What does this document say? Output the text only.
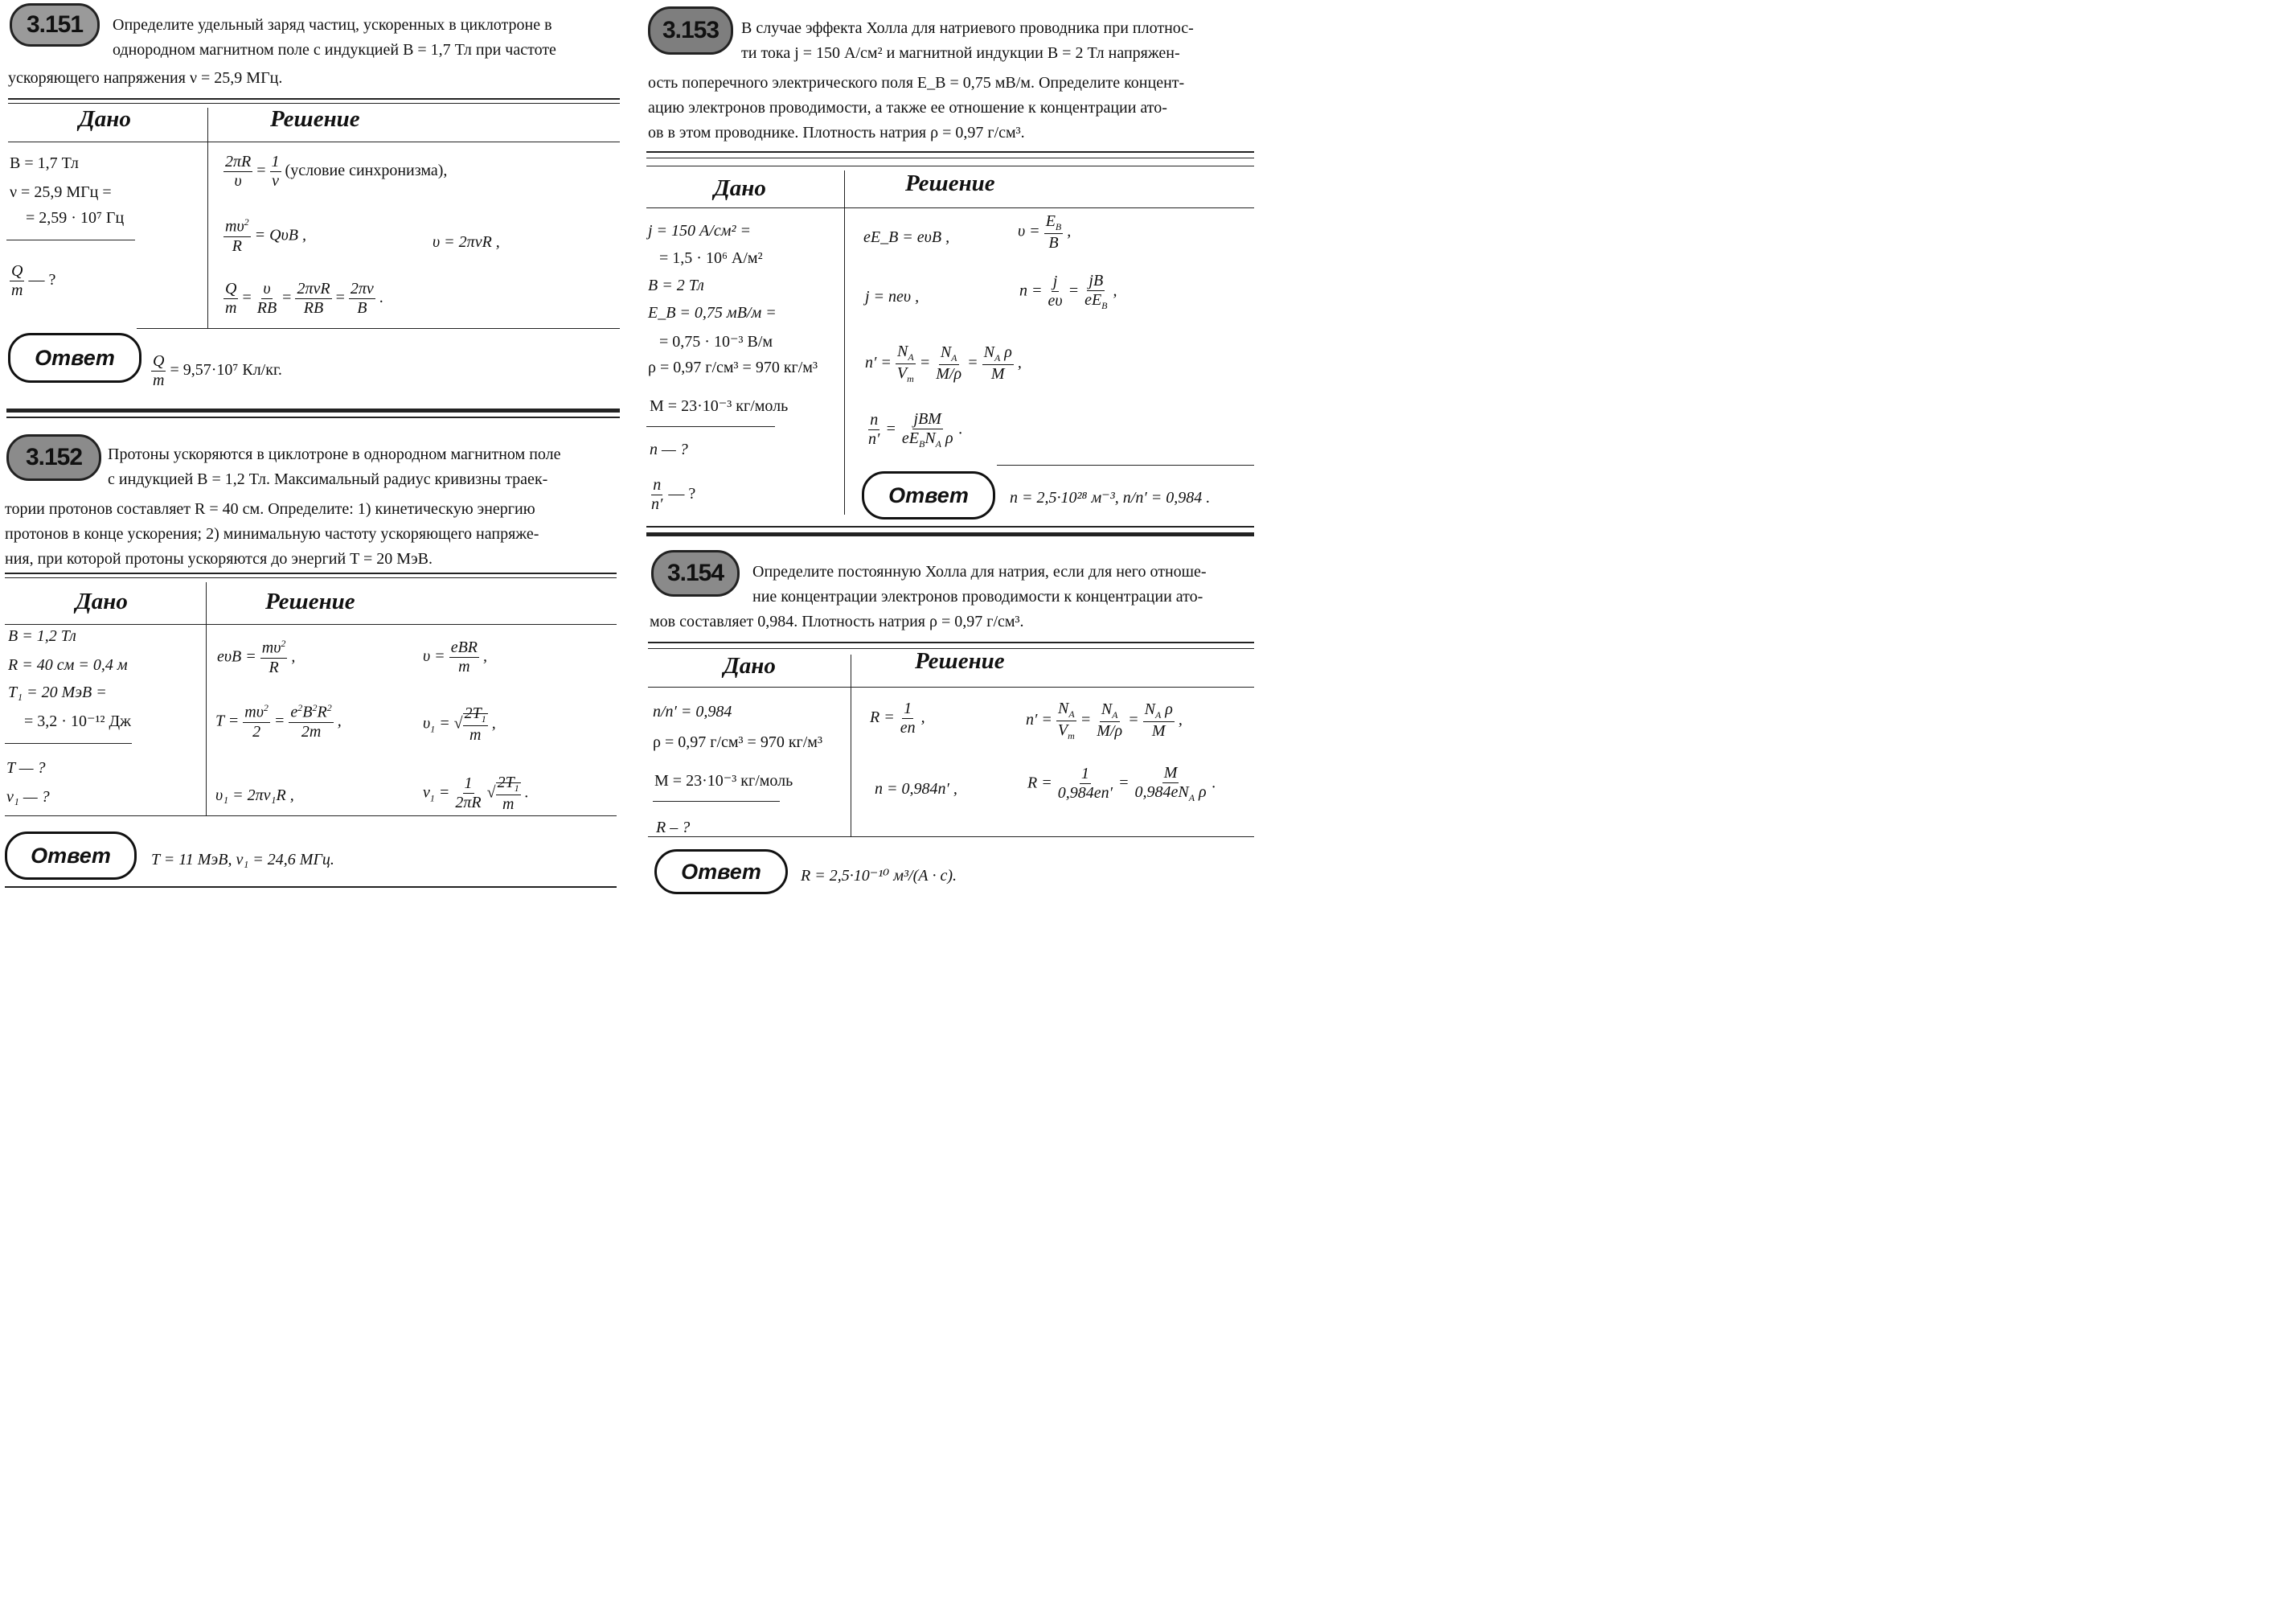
3.151 Определите удельный заряд частиц, ускоренных в циклотроне в
однородном магнитном поле с индукцией B = 1,7 Тл при частоте
ускоряющего напряжения ν = 25,9 МГц.
Дано	Решение
B = 1,7 Тл
ν = 25,9 МГц =
= 2,59 · 10⁷ Гц
$\frac{Q}{m}$ — ?
$\frac{2\pi R}{\upsilon} = \frac{1}{\nu}$ (условие синхронизма),
$\frac{m\upsilon^2}{R} = Q\upsilon B$ ,	υ = 2πνR ,
$\frac{Q}{m} = \frac{\upsilon}{RB} = \frac{\text{2πνR}}{RB} = \frac{2\pi\nu}{B}$ .
Ответ	$\frac{Q}{m} = 9,57\cdot 10^7$ Кл/кг.
3.152 Протоны ускоряются в циклотроне в однородном магнитном поле
с индукцией B = 1,2 Тл. Максимальный радиус кривизны траек-
тории протонов составляет R = 40 см. Определите: 1) кинетическую энергию
протонов в конце ускорения; 2) минимальную частоту ускоряющего напряже-
ния, при которой протоны ускоряются до энергий T = 20 МэВ.
Дано	Решение
B = 1,2 Тл
R = 40 см = 0,4 м
T₁ = 20 МэВ =
= 3,2 · 10⁻¹² Дж
T — ?
ν₁ — ?
$e\upsilon B = \frac{m\upsilon^2}{R}$ ,	$\upsilon = \frac{\text{eBR}}{m}$ ,
$T = \frac{m\upsilon^2}{2} = \frac{e^2B^2R^2}{2m}$ ,	$\upsilon_1$ = √ $\frac{2T_1}{m}$ ,
υ₁ = 2πν₁R ,	$\nu_1 = \frac{1}{2\pi R}$ √ $\frac{2T_1}{m}$ .
Ответ	T = 11 МэВ, ν₁ = 24,6 МГц.
3.153 В случае эффекта Холла для натриевого проводника при плотнос-
ти тока j = 150 А/см² и магнитной индукции B = 2 Тл напряжен-
ость поперечного электрического поля E_B = 0,75 мВ/м. Определите концент-
ацию электронов проводимости, а также ее отношение к концентрации ато-
ов в этом проводнике. Плотность натрия ρ = 0,97 г/см³.
Дано	Решение
j = 150 А/см² =
= 1,5 · 10⁶ А/м²
B = 2 Тл
E_B = 0,75 мВ/м =
= 0,75 · 10⁻³ В/м
ρ = 0,97 г/см³ = 970 кг/м³
M = 23·10⁻³ кг/моль
n — ?
$\frac{n}{n'}$ — ?
eE_B = eυB ,	$\upsilon = \frac{E_B}{B}$ ,
j = neυ ,	$n = \frac{j}{e\upsilon} = \frac{jB}{eE_B}$ ,
$n' = \frac{N_A}{V_m} = \frac{N_A}{M/\rho} = \frac{N_A \rho}{M}$ ,
$\frac{n}{n'} = \frac{\text{jBM}}{eE_BN_A \rho}$ .
Ответ	n = 2,5·10²⁸ м⁻³, n/n′ = 0,984 .
3.154 Определите постоянную Холла для натрия, если для него отноше-
ние концентрации электронов проводимости к концентрации ато-
мов составляет 0,984. Плотность натрия ρ = 0,97 г/см³.
Дано	Решение
n/n′ = 0,984
ρ = 0,97 г/см³ = 970 кг/м³
M = 23·10⁻³ кг/моль
R – ?
$R = \frac{1}{en}$ ,	$n' = \frac{N_A}{V_m} = \frac{N_A}{M/\rho} = \frac{N_A \rho}{M}$ ,
n = 0,984n′ ,	$R = \frac{1}{0,984en'} = \frac{M}{0,984eN_A \rho}$ .
Ответ	R = 2,5·10⁻¹⁰ м³/(А · с).
